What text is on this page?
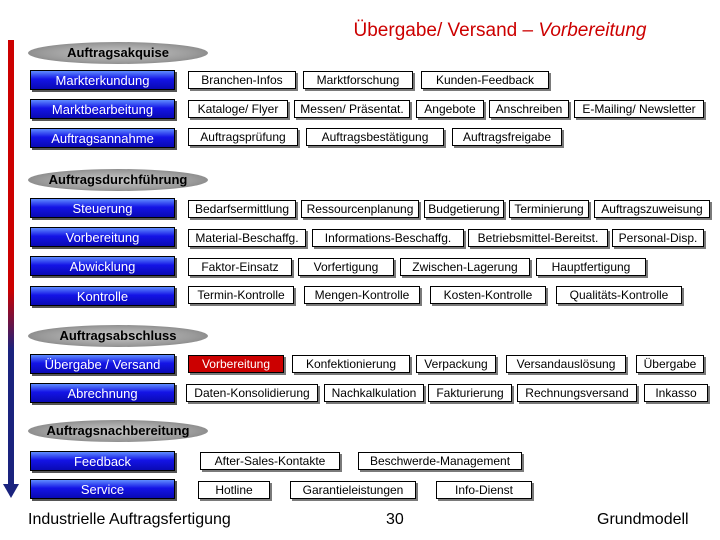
Übergabe/ Versand – Vorbereitung
Auftragsakquise
Auftragsdurchführung
Auftragsabschluss
Auftragsnachbereitung
Markterkundung	Branchen-Infos	Marktforschung	Kunden-Feedback
Marktbearbeitung	Kataloge/ Flyer	Messen/ Präsentat.	Angebote	Anschreiben	E-Mailing/ Newsletter
Auftragsannahme	Auftragsprüfung	Auftragsbestätigung	Auftragsfreigabe
Steuerung	Bedarfsermittlung	Ressourcenplanung	Budgetierung	Terminierung	Auftragszuweisung
Vorbereitung	Material-Beschaffg.	Informations-Beschaffg.	Betriebsmittel-Bereitst.	Personal-Disp.
Abwicklung	Faktor-Einsatz	Vorfertigung	Zwischen-Lagerung	Hauptfertigung
Kontrolle	Termin-Kontrolle	Mengen-Kontrolle	Kosten-Kontrolle	Qualitäts-Kontrolle
Übergabe / Versand	Vorbereitung	Konfektionierung	Verpackung	Versandauslösung	Übergabe
Abrechnung	Daten-Konsolidierung	Nachkalkulation	Fakturierung	Rechnungsversand	Inkasso
Feedback	After-Sales-Kontakte	Beschwerde-Management
Service	Hotline	Garantieleistungen	Info-Dienst
Industrielle Auftragsfertigung	30	Grundmodell
